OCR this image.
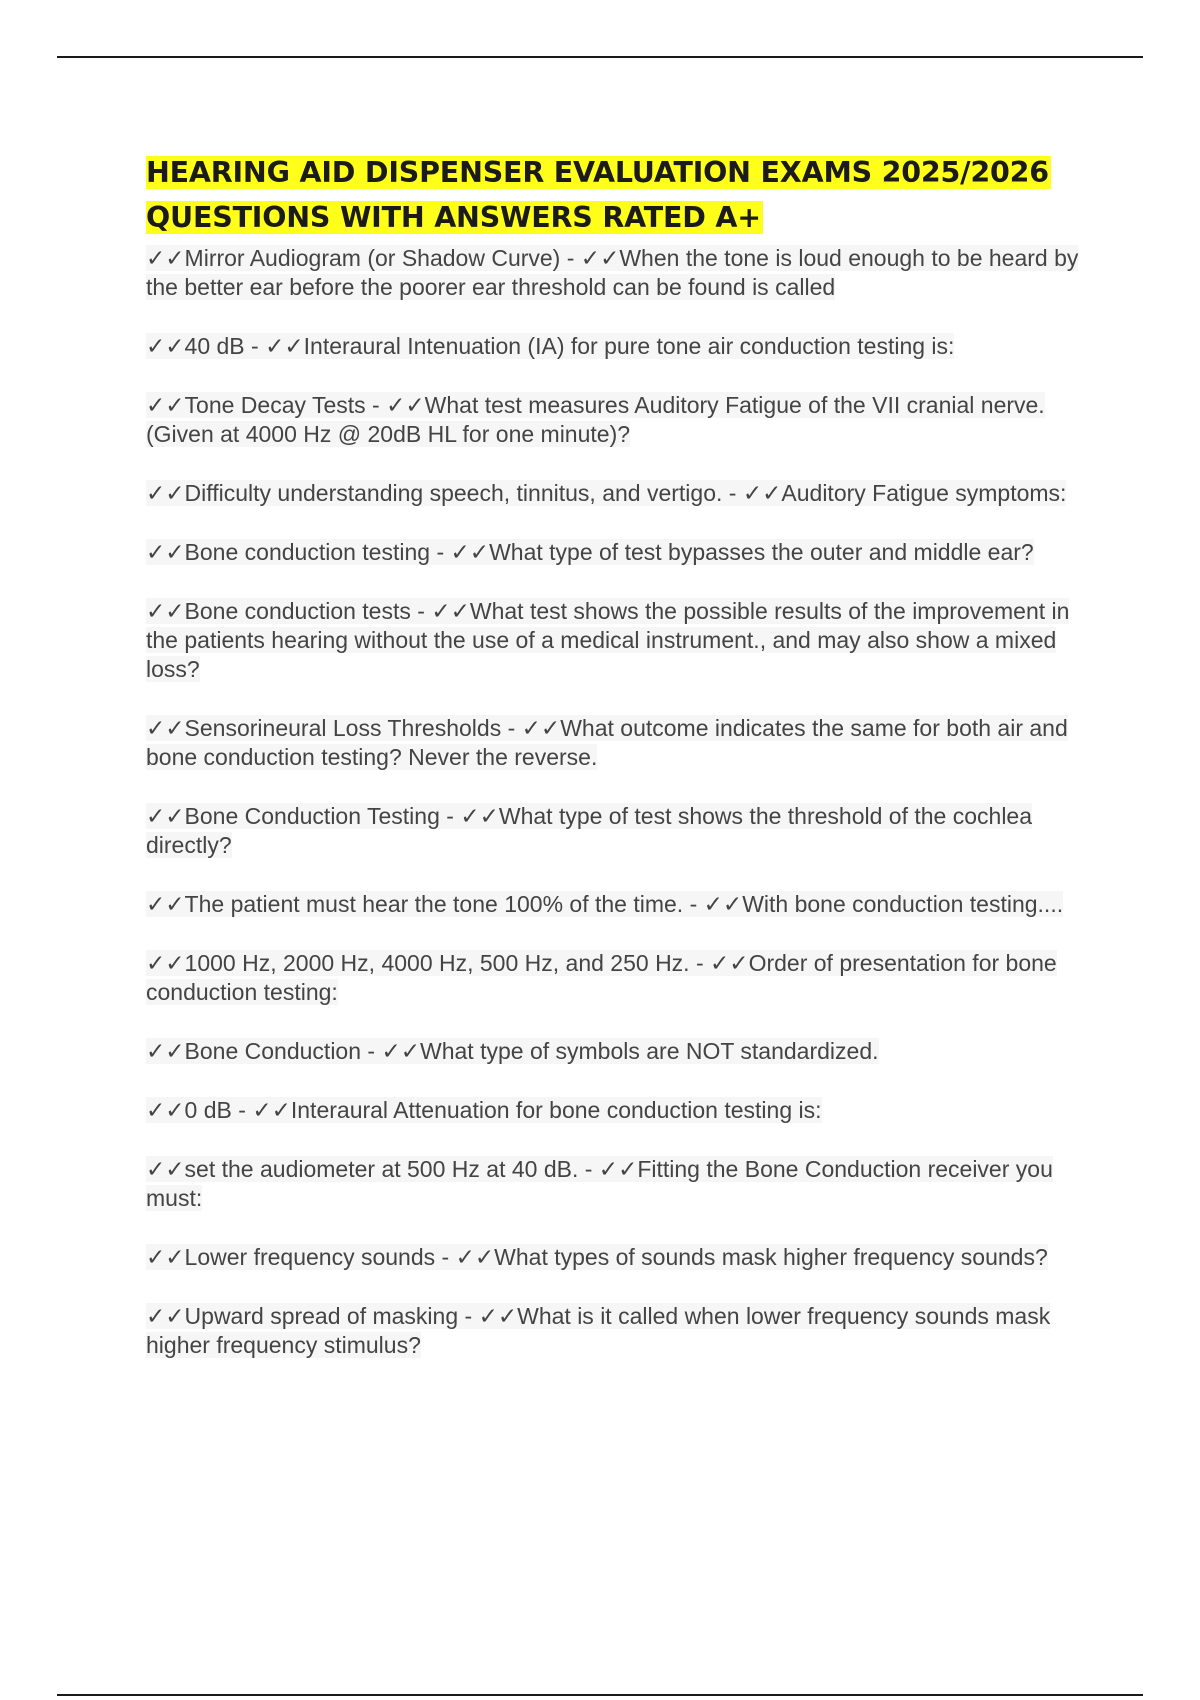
HEARING AID DISPENSER EVALUATION EXAMS 2025/2026 QUESTIONS WITH ANSWERS RATED A+
✓✓Mirror Audiogram (or Shadow Curve) - ✓✓When the tone is loud enough to be heard by the better ear before the poorer ear threshold can be found is called
✓✓40 dB - ✓✓Interaural Intenuation (IA) for pure tone air conduction testing is:
✓✓Tone Decay Tests - ✓✓What test measures Auditory Fatigue of the VII cranial nerve. (Given at 4000 Hz @ 20dB HL for one minute)?
✓✓Difficulty understanding speech, tinnitus, and vertigo. - ✓✓Auditory Fatigue symptoms:
✓✓Bone conduction testing - ✓✓What type of test bypasses the outer and middle ear?
✓✓Bone conduction tests - ✓✓What test shows the possible results of the improvement in the patients hearing without the use of a medical instrument., and may also show a mixed loss?
✓✓Sensorineural Loss Thresholds - ✓✓What outcome indicates the same for both air and bone conduction testing? Never the reverse.
✓✓Bone Conduction Testing - ✓✓What type of test shows the threshold of the cochlea directly?
✓✓The patient must hear the tone 100% of the time. - ✓✓With bone conduction testing....
✓✓1000 Hz, 2000 Hz, 4000 Hz, 500 Hz, and 250 Hz. - ✓✓Order of presentation for bone conduction testing:
✓✓Bone Conduction - ✓✓What type of symbols are NOT standardized.
✓✓0 dB - ✓✓Interaural Attenuation for bone conduction testing is:
✓✓set the audiometer at 500 Hz at 40 dB. - ✓✓Fitting the Bone Conduction receiver you must:
✓✓Lower frequency sounds - ✓✓What types of sounds mask higher frequency sounds?
✓✓Upward spread of masking - ✓✓What is it called when lower frequency sounds mask higher frequency stimulus?
